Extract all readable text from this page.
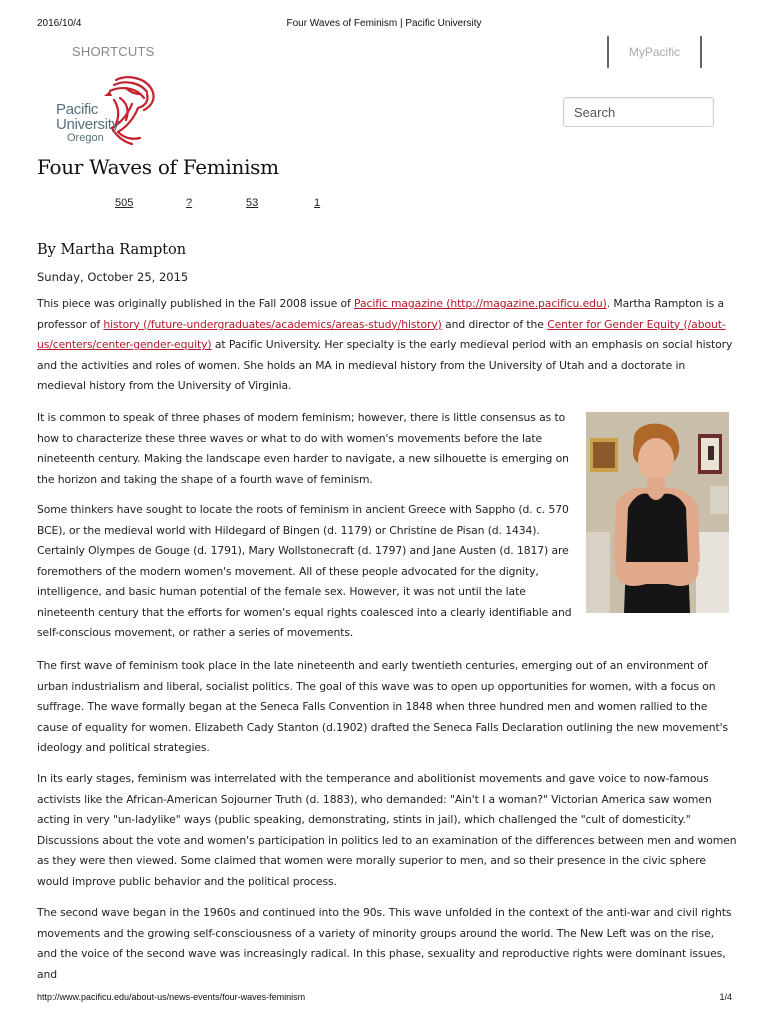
2016/10/4	Four Waves of Feminism | Pacific University
SHORTCUTS	MyPacific
Pacific
University
Oregon
Search
Four Waves of Feminism
505	?	53	1
By Martha Rampton
Sunday, October 25, 2015

This piece was originally published in the Fall 2008 issue of Pacific magazine (http://magazine.pacificu.edu). Martha Rampton is a professor of history (/future-undergraduates/academics/areas-study/history) and director of the Center for Gender Equity (/about-us/centers/center-gender-equity) at Pacific University. Her specialty is the early medieval period with an emphasis on social history and the activities and roles of women. She holds an MA in medieval history from the University of Utah and a doctorate in medieval history from the University of Virginia.

It is common to speak of three phases of modern feminism; however, there is little consensus as to how to characterize these three waves or what to do with women's movements before the late nineteenth century. Making the landscape even harder to navigate, a new silhouette is emerging on the horizon and taking the shape of a fourth wave of feminism.

Some thinkers have sought to locate the roots of feminism in ancient Greece with Sappho (d. c. 570 BCE), or the medieval world with Hildegard of Bingen (d. 1179) or Christine de Pisan (d. 1434). Certainly Olympes de Gouge (d. 1791), Mary Wollstonecraft (d. 1797) and Jane Austen (d. 1817) are foremothers of the modern women's movement. All of these people advocated for the dignity, intelligence, and basic human potential of the female sex. However, it was not until the late nineteenth century that the efforts for women's equal rights coalesced into a clearly identifiable and self-conscious movement, or rather a series of movements.

The first wave of feminism took place in the late nineteenth and early twentieth centuries, emerging out of an environment of urban industrialism and liberal, socialist politics. The goal of this wave was to open up opportunities for women, with a focus on suffrage. The wave formally began at the Seneca Falls Convention in 1848 when three hundred men and women rallied to the cause of equality for women. Elizabeth Cady Stanton (d.1902) drafted the Seneca Falls Declaration outlining the new movement's ideology and political strategies.

In its early stages, feminism was interrelated with the temperance and abolitionist movements and gave voice to now-famous activists like the African-American Sojourner Truth (d. 1883), who demanded: "Ain't I a woman?" Victorian America saw women acting in very "un-ladylike" ways (public speaking, demonstrating, stints in jail), which challenged the "cult of domesticity." Discussions about the vote and women's participation in politics led to an examination of the differences between men and women as they were then viewed. Some claimed that women were morally superior to men, and so their presence in the civic sphere would improve public behavior and the political process.

The second wave began in the 1960s and continued into the 90s. This wave unfolded in the context of the anti-war and civil rights movements and the growing self-consciousness of a variety of minority groups around the world. The New Left was on the rise, and the voice of the second wave was increasingly radical. In this phase, sexuality and reproductive rights were dominant issues, and

http://www.pacificu.edu/about-us/news-events/four-waves-feminism	1/4
